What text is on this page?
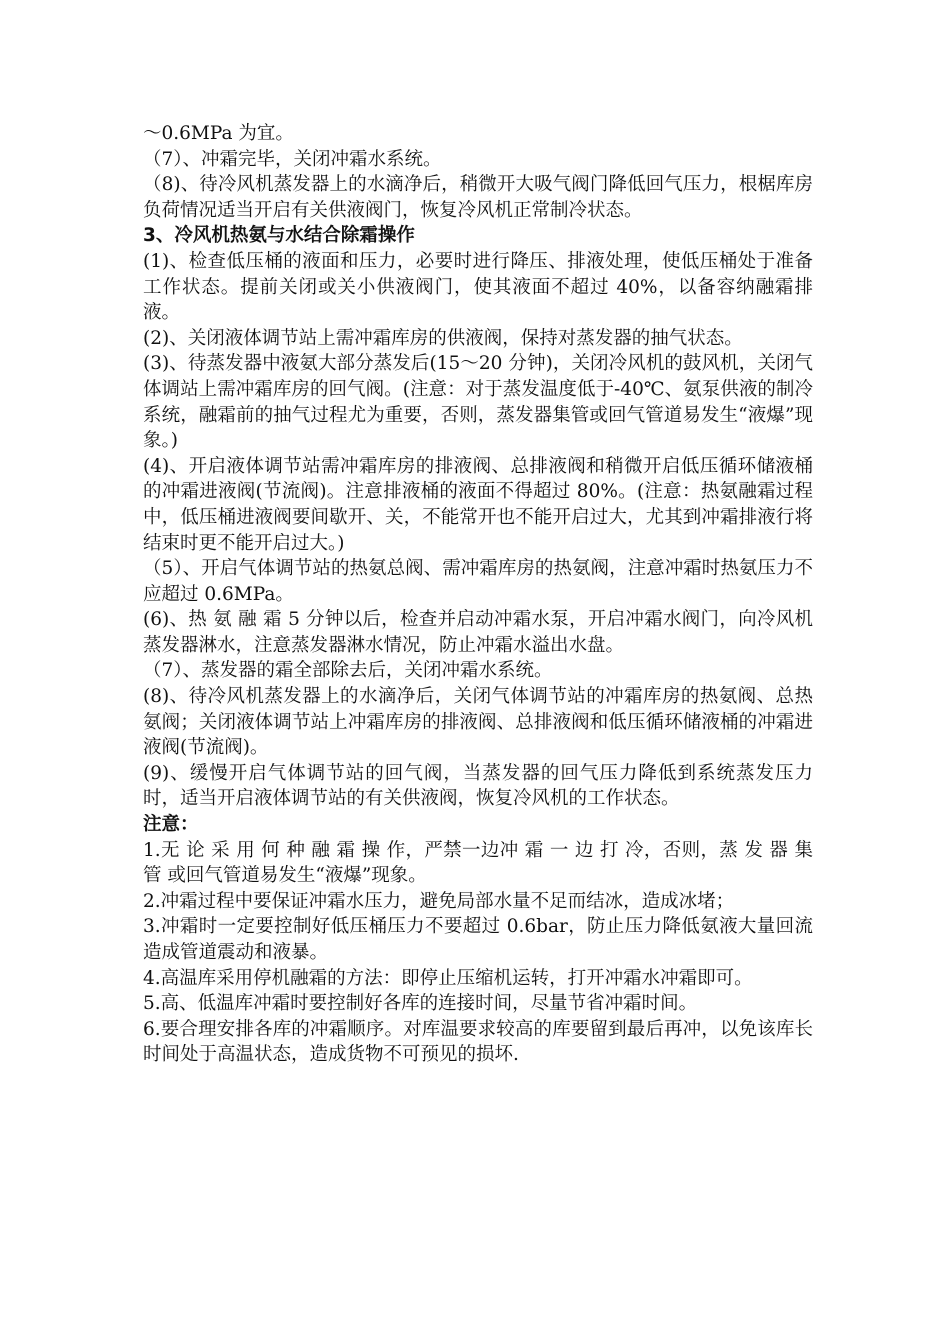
～0.6MPa 为宜。

（7）、冲霜完毕，关闭冲霜水系统。

（8)、待冷风机蒸发器上的水滴净后，稍微开大吸气阀门降低回气压力，根椐库房负荷情况适当开启有关供液阀门，恢复冷风机正常制冷状态。

3、冷风机热氨与水结合除霜操作

(1)、检查低压桶的液面和压力，必要时进行降压、排液处理，使低压桶处于准备工作状态。提前关闭或关小供液阀门，使其液面不超过 40%，以备容纳融霜排液。

(2)、关闭液体调节站上需冲霜库房的供液阀，保持对蒸发器的抽气状态。

(3)、待蒸发器中液氨大部分蒸发后(15～20 分钟)，关闭冷风机的鼓风机，关闭气体调站上需冲霜库房的回气阀。(注意：对于蒸发温度低于-40℃、氨泵供液的制冷系统，融霜前的抽气过程尤为重要，否则，蒸发器集管或回气管道易发生“液爆”现象。)

(4)、开启液体调节站需冲霜库房的排液阀、总排液阀和稍微开启低压循环储液桶的冲霜进液阀(节流阀)。注意排液桶的液面不得超过 80%。(注意：热氨融霜过程中，低压桶进液阀要间歇开、关，不能常开也不能开启过大，尤其到冲霜排液行将结束时更不能开启过大。)

（5）、开启气体调节站的热氨总阀、需冲霜库房的热氨阀，注意冲霜时热氨压力不应超过 0.6MPa。

(6)、热 氨 融 霜 5 分钟以后，检查并启动冲霜水泵，开启冲霜水阀门，向冷风机蒸发器淋水，注意蒸发器淋水情况，防止冲霜水溢出水盘。

（7）、蒸发器的霜全部除去后，关闭冲霜水系统。

(8)、待冷风机蒸发器上的水滴净后，关闭气体调节站的冲霜库房的热氨阀、总热氨阀；关闭液体调节站上冲霜库房的排液阀、总排液阀和低压循环储液桶的冲霜进液阀(节流阀)。

(9)、缓慢开启气体调节站的回气阀，当蒸发器的回气压力降低到系统蒸发压力时，适当开启液体调节站的有关供液阀，恢复冷风机的工作状态。

注意：

1.无 论 采 用 何 种 融 霜 操 作，严禁一边冲 霜 一 边 打 冷，否则，蒸 发 器 集 管 或回气管道易发生“液爆”现象。

2.冲霜过程中要保证冲霜水压力，避免局部水量不足而结冰，造成冰堵；

3.冲霜时一定要控制好低压桶压力不要超过 0.6bar，防止压力降低氨液大量回流造成管道震动和液暴。

4.高温库采用停机融霜的方法：即停止压缩机运转，打开冲霜水冲霜即可。

5.高、低温库冲霜时要控制好各库的连接时间，尽量节省冲霜时间。

6.要合理安排各库的冲霜顺序。对库温要求较高的库要留到最后再冲，以免该库长时间处于高温状态，造成货物不可预见的损坏.
